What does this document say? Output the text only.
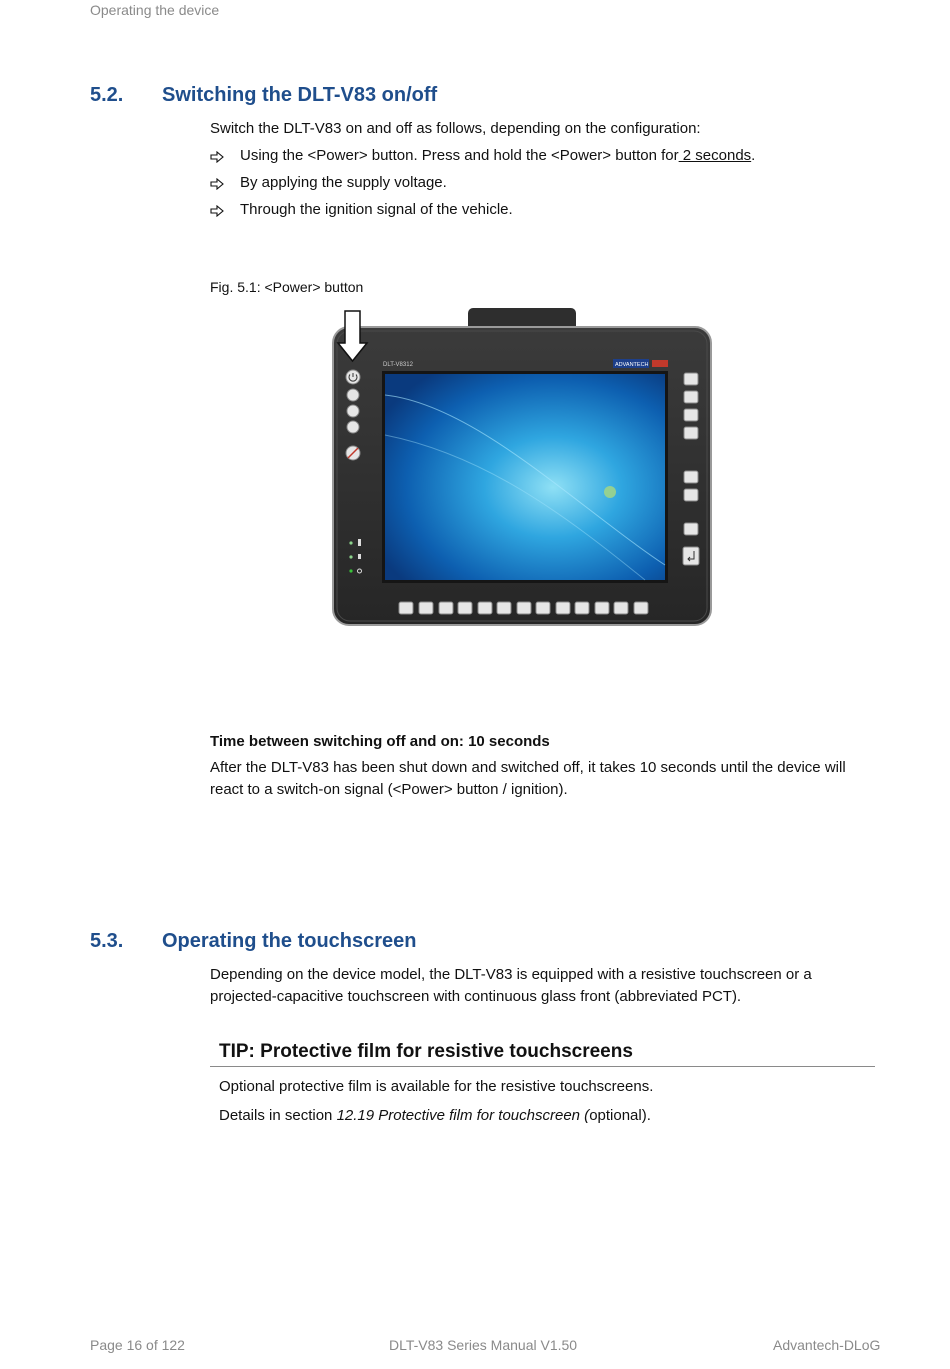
Operating the device
5.2. Switching the DLT-V83 on/off
Switch the DLT-V83 on and off as follows, depending on the configuration:
Using the <Power> button. Press and hold the <Power> button for 2 seconds.
By applying the supply voltage.
Through the ignition signal of the vehicle.
Fig. 5.1: <Power> button
DLT-V8312	ADVANTECH
Time between switching off and on: 10 seconds
After the DLT-V83 has been shut down and switched off, it takes 10 seconds until the device will
react to a switch-on signal (<Power> button / ignition).
5.3. Operating the touchscreen
Depending on the device model, the DLT-V83 is equipped with a resistive touchscreen or a
projected-capacitive touchscreen with continuous glass front (abbreviated PCT).
TIP: Protective film for resistive touchscreens
Optional protective film is available for the resistive touchscreens.
Details in section 12.19 Protective film for touchscreen (optional).
Page 16 of 122	DLT-V83 Series Manual V1.50	Advantech-DLoG
